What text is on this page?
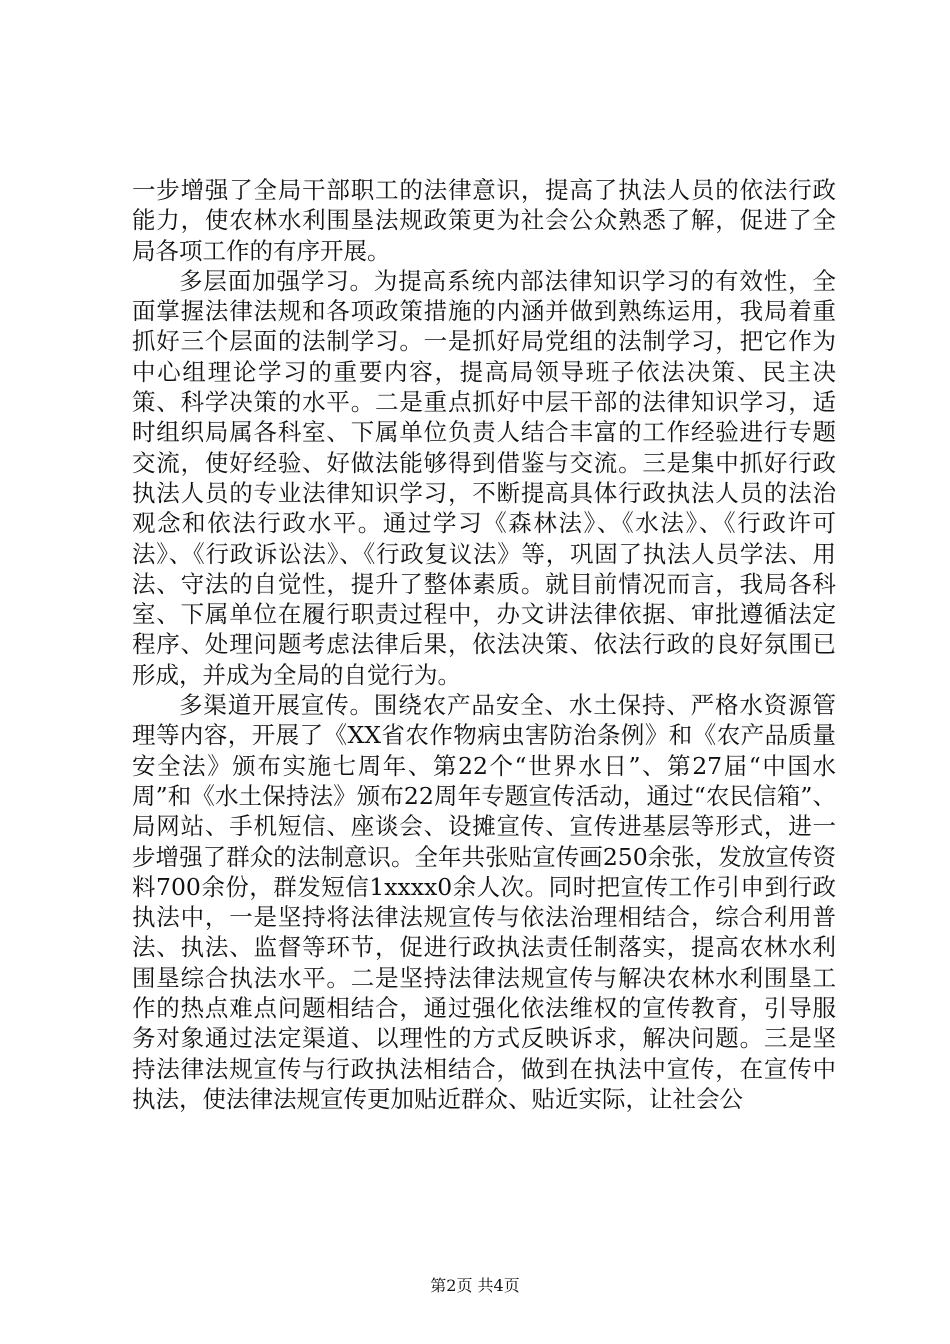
一步增强了全局干部职工的法律意识，提高了执法人员的依法行政能力，使农林水利围垦法规政策更为社会公众熟悉了解，促进了全局各项工作的有序开展。

多层面加强学习。为提高系统内部法律知识学习的有效性，全面掌握法律法规和各项政策措施的内涵并做到熟练运用，我局着重抓好三个层面的法制学习。一是抓好局党组的法制学习，把它作为中心组理论学习的重要内容，提高局领导班子依法决策、民主决策、科学决策的水平。二是重点抓好中层干部的法律知识学习，适时组织局属各科室、下属单位负责人结合丰富的工作经验进行专题交流，使好经验、好做法能够得到借鉴与交流。三是集中抓好行政执法人员的专业法律知识学习，不断提高具体行政执法人员的法治观念和依法行政水平。通过学习《森林法》、《水法》、《行政许可法》、《行政诉讼法》、《行政复议法》等，巩固了执法人员学法、用法、守法的自觉性，提升了整体素质。就目前情况而言，我局各科室、下属单位在履行职责过程中，办文讲法律依据、审批遵循法定程序、处理问题考虑法律后果，依法决策、依法行政的良好氛围已形成，并成为全局的自觉行为。

多渠道开展宣传。围绕农产品安全、水土保持、严格水资源管理等内容，开展了《XX省农作物病虫害防治条例》和《农产品质量安全法》颁布实施七周年、第22个“世界水日”、第27届“中国水周”和《水土保持法》颁布22周年专题宣传活动，通过“农民信箱”、局网站、手机短信、座谈会、设摊宣传、宣传进基层等形式，进一步增强了群众的法制意识。全年共张贴宣传画250余张，发放宣传资料700余份，群发短信1xxxx0余人次。同时把宣传工作引申到行政执法中，一是坚持将法律法规宣传与依法治理相结合，综合利用普法、执法、监督等环节，促进行政执法责任制落实，提高农林水利围垦综合执法水平。二是坚持法律法规宣传与解决农林水利围垦工作的热点难点问题相结合，通过强化依法维权的宣传教育，引导服务对象通过法定渠道、以理性的方式反映诉求，解决问题。三是坚持法律法规宣传与行政执法相结合，做到在执法中宣传，在宣传中执法，使法律法规宣传更加贴近群众、贴近实际，让社会公

第2页 共4页
